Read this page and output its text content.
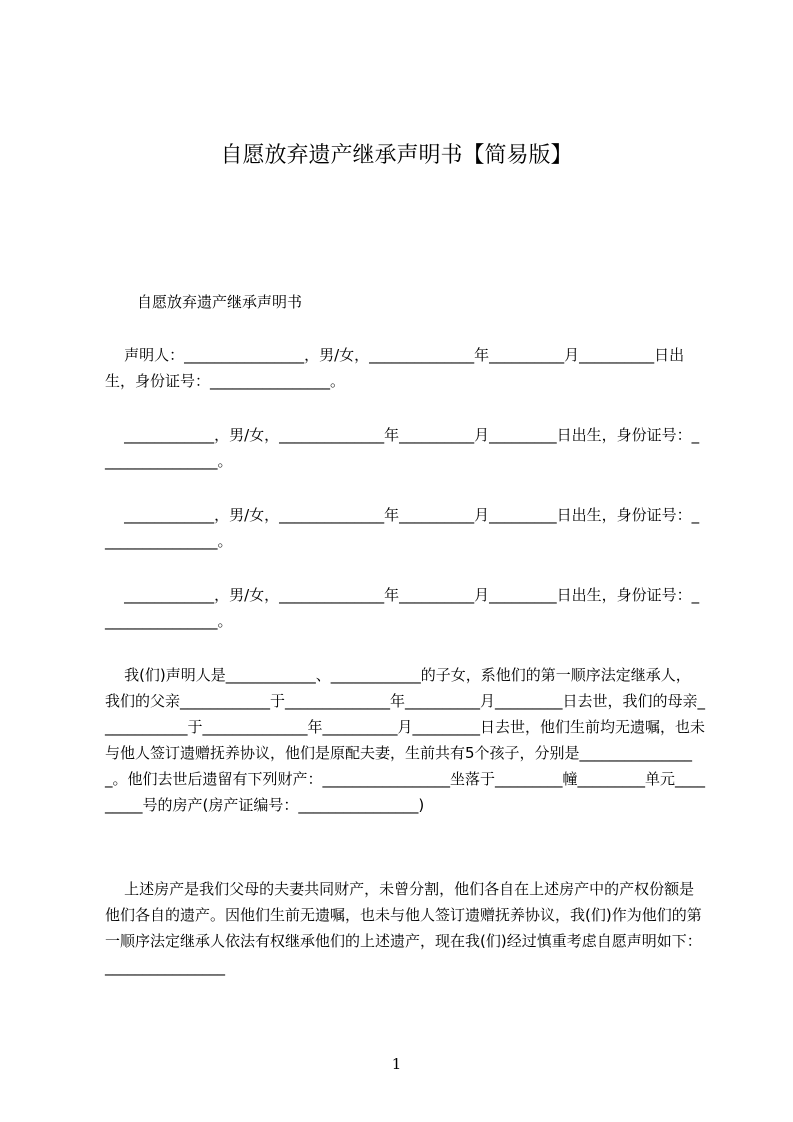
自愿放弃遗产继承声明书【简易版】
自愿放弃遗产继承声明书
声明人：________________，男/女，______________年__________月__________日出生，身份证号：________________。
____________，男/女，______________年__________月_________日出生，身份证号：________________。
____________，男/女，______________年__________月_________日出生，身份证号：________________。
____________，男/女，______________年__________月_________日出生，身份证号：________________。
我(们)声明人是____________、____________的子女，系他们的第一顺序法定继承人，我们的父亲____________于______________年__________月_________日去世，我们的母亲____________于______________年__________月_________日去世，他们生前均无遗嘱，也未与他人签订遗赠抚养协议，他们是原配夫妻，生前共有5个孩子，分别是________________。他们去世后遗留有下列财产：_________________坐落于_________幢_________单元_________号的房产(房产证编号：________________)
上述房产是我们父母的夫妻共同财产，未曾分割，他们各自在上述房产中的产权份额是他们各自的遗产。因他们生前无遗嘱，也未与他人签订遗赠抚养协议，我(们)作为他们的第一顺序法定继承人依法有权继承他们的上述遗产，现在我(们)经过慎重考虑自愿声明如下：________________
1
